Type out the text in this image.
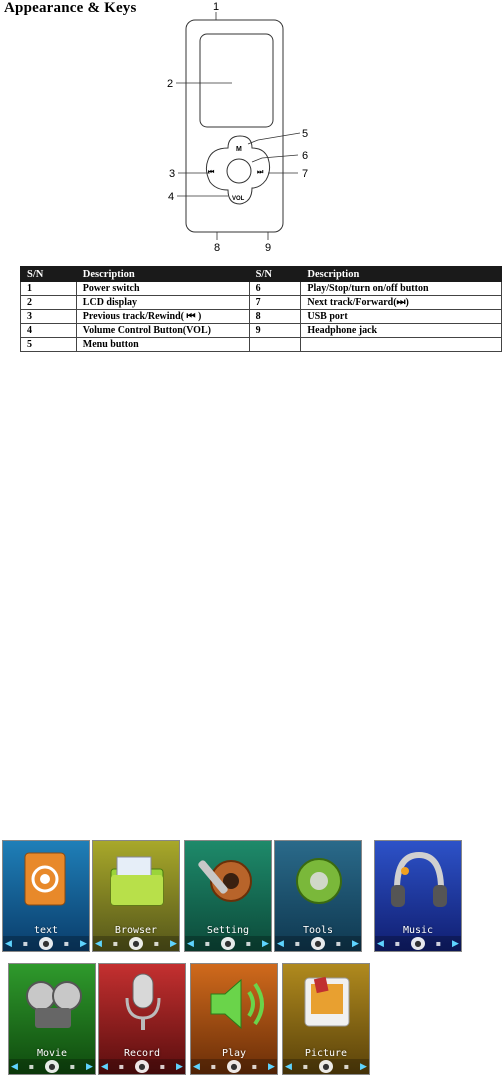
Appearance & Keys
M
VOL
⏮	⏭
1
2
3
4
5
6
7
8	9
S/N	Description	S/N	Description
1	Power switch	6	Play/Stop/turn on/off button
2	LCD display	7	Next track/Forward(⏭)
3	Previous track/Rewind( ⏮ )	8	USB port
4	Volume Control Button(VOL)	9	Headphone jack
5	Menu button		
text
◀	▪	●	▪	▶
Browser
◀	▪	●	▪	▶
Setting
◀	▪	●	▪	▶
Tools
◀	▪	●	▪	▶
Music
◀	▪	●	▪	▶
Movie
◀	▪	●	▪	▶
Record
◀	▪	●	▪	▶
Play
◀	▪	●	▪	▶
Picture
◀	▪	●	▪	▶
